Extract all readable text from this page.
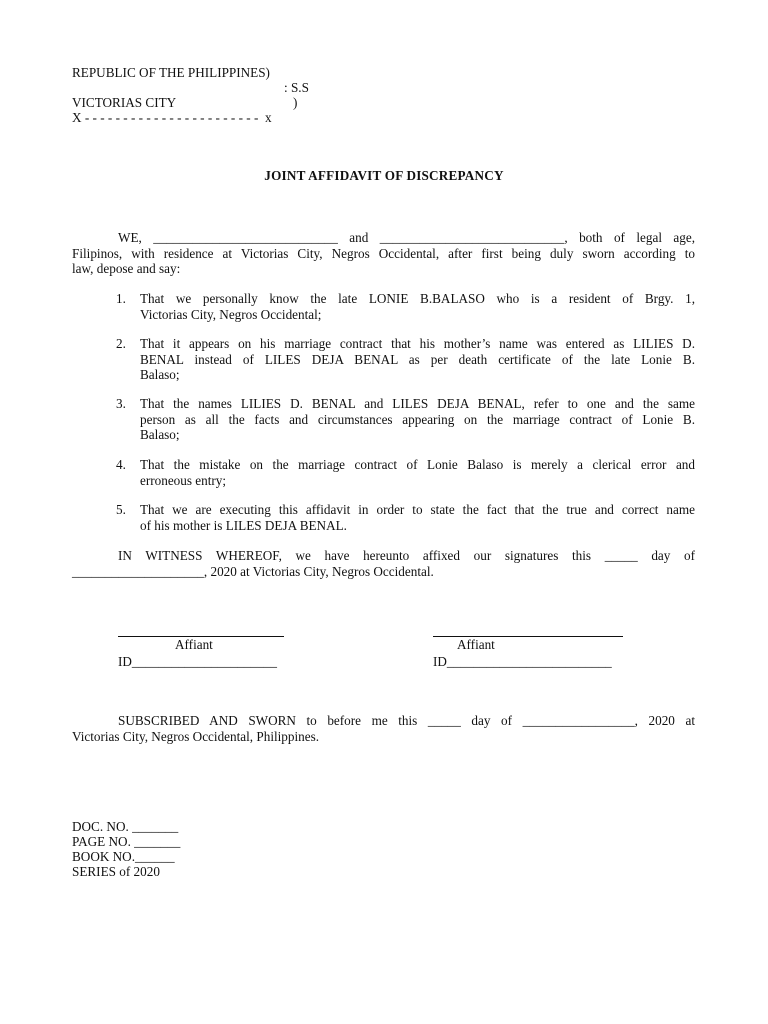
REPUBLIC OF THE PHILIPPINES)
: S.S
VICTORIAS CITY	)
X - - - - - - - - - - - - - - - - - - - - - - -  x
JOINT AFFIDAVIT OF DISCREPANCY
WE, ____________________________ and ____________________________, both of legal age,
Filipinos, with residence at Victorias City, Negros Occidental, after first being duly sworn according to
law, depose and say:
1. That we personally know the late LONIE B.BALASO who is a resident of Brgy. 1,
Victorias City, Negros Occidental;
2. That it appears on his marriage contract that his mother’s name was entered as LILIES D.
BENAL instead of LILES DEJA BENAL as per death certificate of the late Lonie B.
Balaso;
3. That the names LILIES D. BENAL and LILES DEJA BENAL, refer to one and the same
person as all the facts and circumstances appearing on the marriage contract of Lonie B.
Balaso;
4. That the mistake on the marriage contract of Lonie Balaso is merely a clerical error and
erroneous entry;
5. That we are executing this affidavit in order to state the fact that the true and correct name
of his mother is LILES DEJA BENAL.
IN WITNESS WHEREOF, we have hereunto affixed our signatures this _____ day of
____________________, 2020 at Victorias City, Negros Occidental.
Affiant
ID______________________
Affiant
ID_________________________
SUBSCRIBED AND SWORN to before me this _____ day of _________________, 2020 at
Victorias City, Negros Occidental, Philippines.
DOC. NO. _______
PAGE NO. _______
BOOK NO.______
SERIES of 2020
